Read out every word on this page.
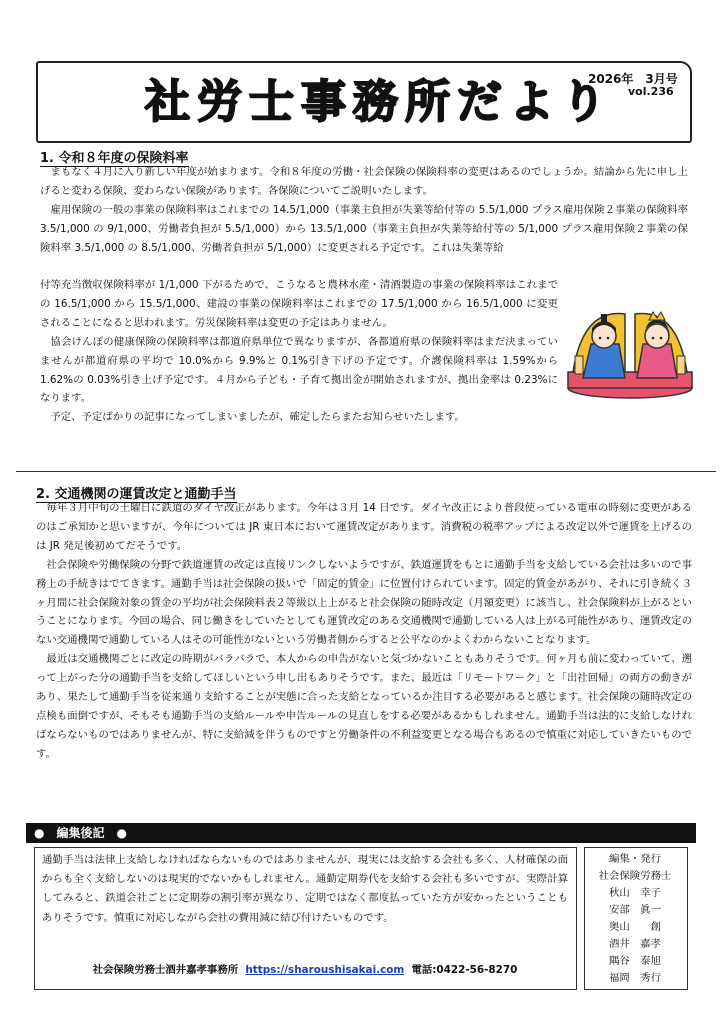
社労士事務所だより
2026年　3月号
vol.236
1. 令和８年度の保険料率

まもなく４月に入り新しい年度が始まります。令和８年度の労働・社会保険の保険料率の変更はあるのでしょうか。結論から先に申し上げると変わる保険、変わらない保険があります。各保険についてご説明いたします。

雇用保険の一般の事業の保険料率はこれまでの 14.5/1,000（事業主負担が失業等給付等の 5.5/1,000 プラス雇用保険２事業の保険料率 3.5/1,000 の 9/1,000、労働者負担が 5.5/1,000）から 13.5/1,000（事業主負担が失業等給付等の 5/1,000 プラス雇用保険２事業の保険料率 3.5/1,000 の 8.5/1,000、労働者負担が 5/1,000）に変更される予定です。これは失業等給

付等充当徴収保険料率が 1/1,000 下がるためで、こうなると農林水産・清酒製造の事業の保険料率はこれまでの 16.5/1,000 から 15.5/1,000、建設の事業の保険料率はこれまでの 17.5/1,000 から 16.5/1,000 に変更されることになると思われます。労災保険料率は変更の予定はありません。

協会けんぽの健康保険の保険料率は都道府県単位で異なりますが、各都道府県の保険料率はまだ決まっていませんが都道府県の平均で 10.0%から 9.9%と 0.1%引き下げの予定です。介護保険料率は 1.59%から 1.62%の 0.03%引き上げ予定です。４月から子ども・子育て拠出金が開始されますが、拠出金率は 0.23%になります。

予定、予定ばかりの記事になってしまいましたが、確定したらまたお知らせいたします。

2. 交通機関の運賃改定と通勤手当

毎年３月中旬の土曜日に鉄道のダイヤ改正があります。今年は３月 14 日です。ダイヤ改正により普段使っている電車の時刻に変更があるのはご承知かと思いますが、今年については JR 東日本において運賃改定があります。消費税の税率アップによる改定以外で運賃を上げるのは JR 発足後初めてだそうです。

社会保険や労働保険の分野で鉄道運賃の改定は直接リンクしないようですが、鉄道運賃をもとに通勤手当を支給している会社は多いので事務上の手続きはでてきます。通勤手当は社会保険の扱いで「固定的賃金」に位置付けられています。固定的賃金があがり、それに引き続く３ヶ月間に社会保険対象の賃金の平均が社会保険料表２等級以上上がると社会保険の随時改定（月額変更）に該当し、社会保険料が上がるということになります。今回の場合、同じ働きをしていたとしても運賃改定のある交通機関で通勤している人は上がる可能性があり、運賃改定のない交通機関で通勤している人はその可能性がないという労働者側からすると公平なのかよくわからないことなります。

最近は交通機関ごとに改定の時期がバラバラで、本人からの申告がないと気づかないこともありそうです。何ヶ月も前に変わっていて、遡って上がった分の通勤手当を支給してほしいという申し出もありそうです。また、最近は「リモートワーク」と「出社回帰」の両方の動きがあり、果たして通勤手当を従来通り支給することが実態に合った支給となっているか注目する必要があると感じます。社会保険の随時改定の点検も面倒ですが、そもそも通勤手当の支給ルールや申告ルールの見直しをする必要があるかもしれません。通勤手当は法的に支給しなければならないものではありませんが、特に支給減を伴うものですと労働条件の不利益変更となる場合もあるので慎重に対応していきたいものです。

●　編集後記　●
通勤手当は法律上支給しなければならないものではありませんが、現実には支給する会社も多く、人材確保の面からも全く支給しないのは現実的でないかもしれません。通勤定期券代を支給する会社も多いですが、実際計算してみると、鉄道会社ごとに定期券の割引率が異なり、定期ではなく都度払っていた方が安かったということもありそうです。慎重に対応しながら会社の費用減に結び付けたいものです。
社会保険労務士酒井嘉孝事務所 https://sharoushisakai.com 電話:0422-56-8270
編集・発行
社会保険労務士
秋山　幸子
安部　眞一
奥山　　創
酒井　嘉孝
隅谷　泰旭
福岡　秀行
